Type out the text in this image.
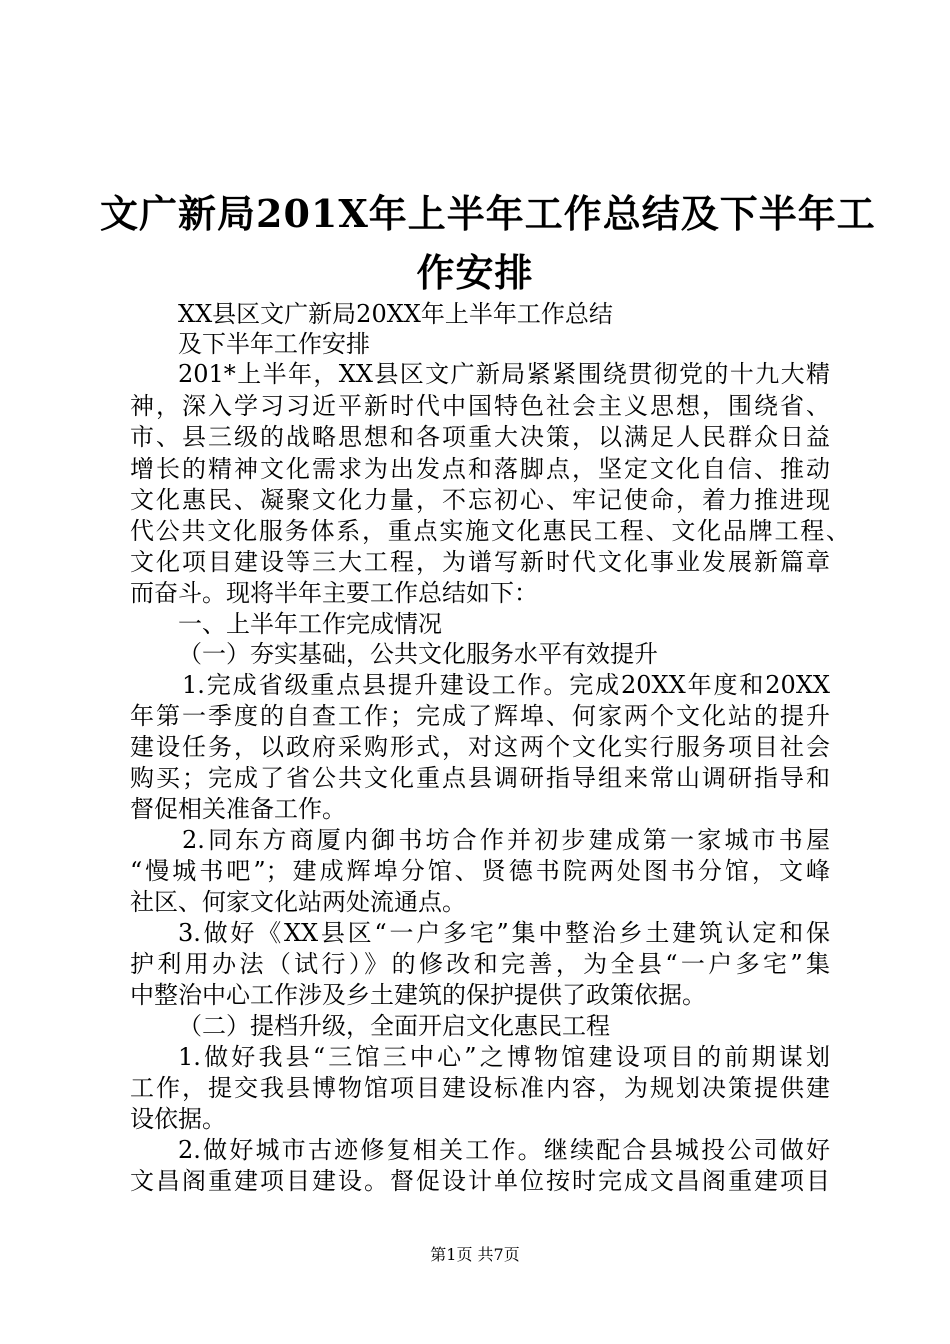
文广新局201X年上半年工作总结及下半年工
作安排

XX县区文广新局20XX年上半年工作总结

及下半年工作安排

201*上半年，XX县区文广新局紧紧围绕贯彻党的十九大精

神，深入学习习近平新时代中国特色社会主义思想，围绕省、

市、县三级的战略思想和各项重大决策，以满足人民群众日益

增长的精神文化需求为出发点和落脚点，坚定文化自信、推动

文化惠民、凝聚文化力量，不忘初心、牢记使命，着力推进现

代公共文化服务体系，重点实施文化惠民工程、文化品牌工程、

文化项目建设等三大工程，为谱写新时代文化事业发展新篇章

而奋斗。现将半年主要工作总结如下：

一、上半年工作完成情况

（一）夯实基础，公共文化服务水平有效提升

1.完成省级重点县提升建设工作。完成20XX年度和20XX

年第一季度的自查工作；完成了辉埠、何家两个文化站的提升

建设任务，以政府采购形式，对这两个文化实行服务项目社会

购买；完成了省公共文化重点县调研指导组来常山调研指导和

督促相关准备工作。

2.同东方商厦内御书坊合作并初步建成第一家城市书屋

“慢城书吧”；建成辉埠分馆、贤德书院两处图书分馆，文峰

社区、何家文化站两处流通点。

3.做好《XX县区“一户多宅”集中整治乡土建筑认定和保

护利用办法（试行）》的修改和完善，为全县“一户多宅”集

中整治中心工作涉及乡土建筑的保护提供了政策依据。

（二）提档升级，全面开启文化惠民工程

1.做好我县“三馆三中心”之博物馆建设项目的前期谋划

工作，提交我县博物馆项目建设标准内容，为规划决策提供建

设依据。

2.做好城市古迹修复相关工作。继续配合县城投公司做好

文昌阁重建项目建设。督促设计单位按时完成文昌阁重建项目

第1页 共7页
